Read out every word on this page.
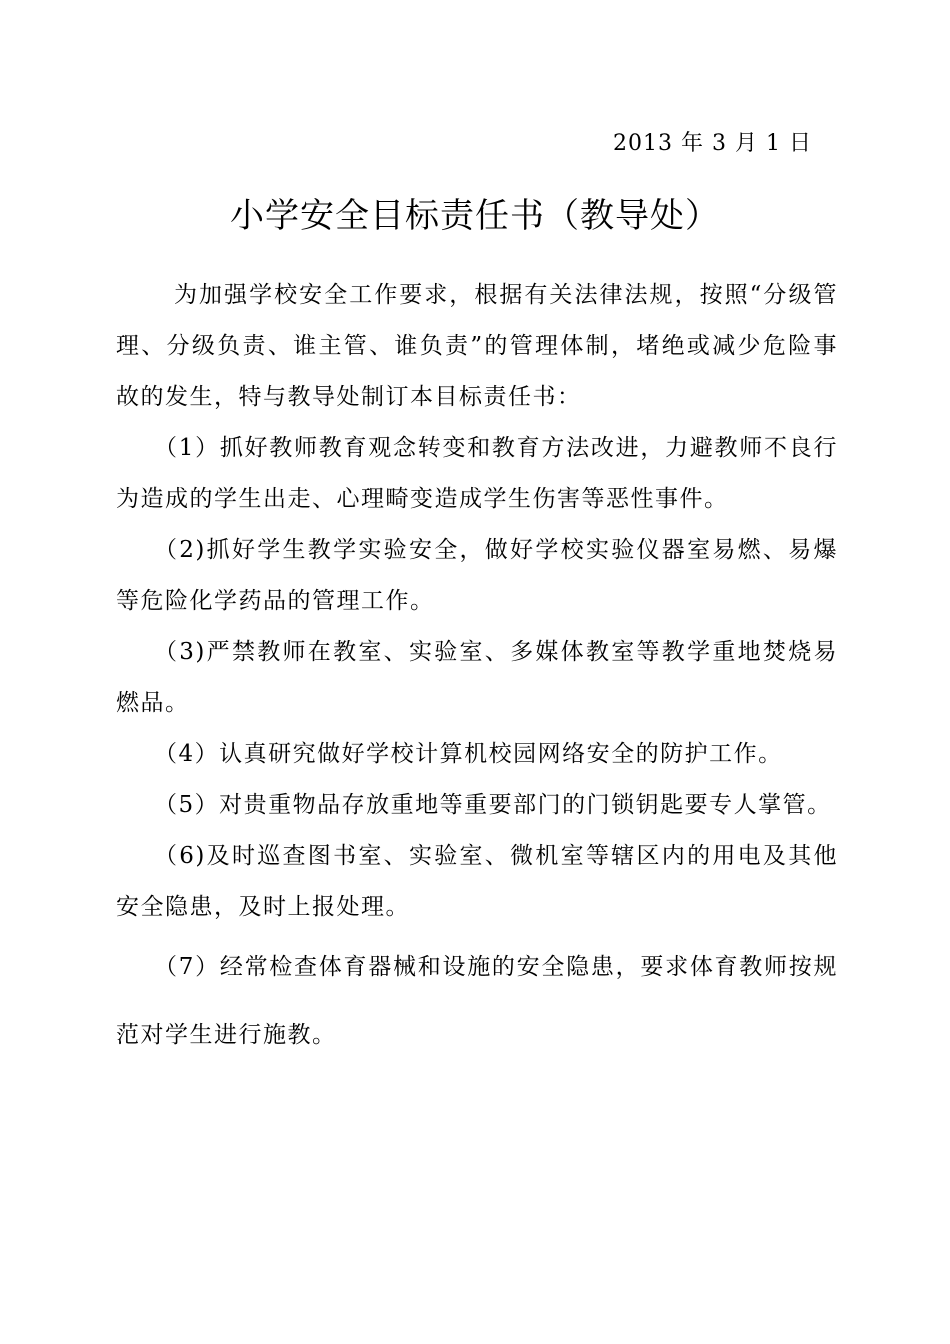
2013 年 3 月 1 日
小学安全目标责任书（教导处）

为加强学校安全工作要求，根据有关法律法规，按照“分级管理、分级负责、谁主管、谁负责”的管理体制，堵绝或减少危险事故的发生，特与教导处制订本目标责任书：

（1）抓好教师教育观念转变和教育方法改进，力避教师不良行为造成的学生出走、心理畸变造成学生伤害等恶性事件。

（2)抓好学生教学实验安全，做好学校实验仪器室易燃、易爆等危险化学药品的管理工作。

（3)严禁教师在教室、实验室、多媒体教室等教学重地焚烧易燃品。

（4）认真研究做好学校计算机校园网络安全的防护工作。

（5）对贵重物品存放重地等重要部门的门锁钥匙要专人掌管。

（6)及时巡查图书室、实验室、微机室等辖区内的用电及其他安全隐患，及时上报处理。

（7）经常检查体育器械和设施的安全隐患，要求体育教师按规范对学生进行施教。
